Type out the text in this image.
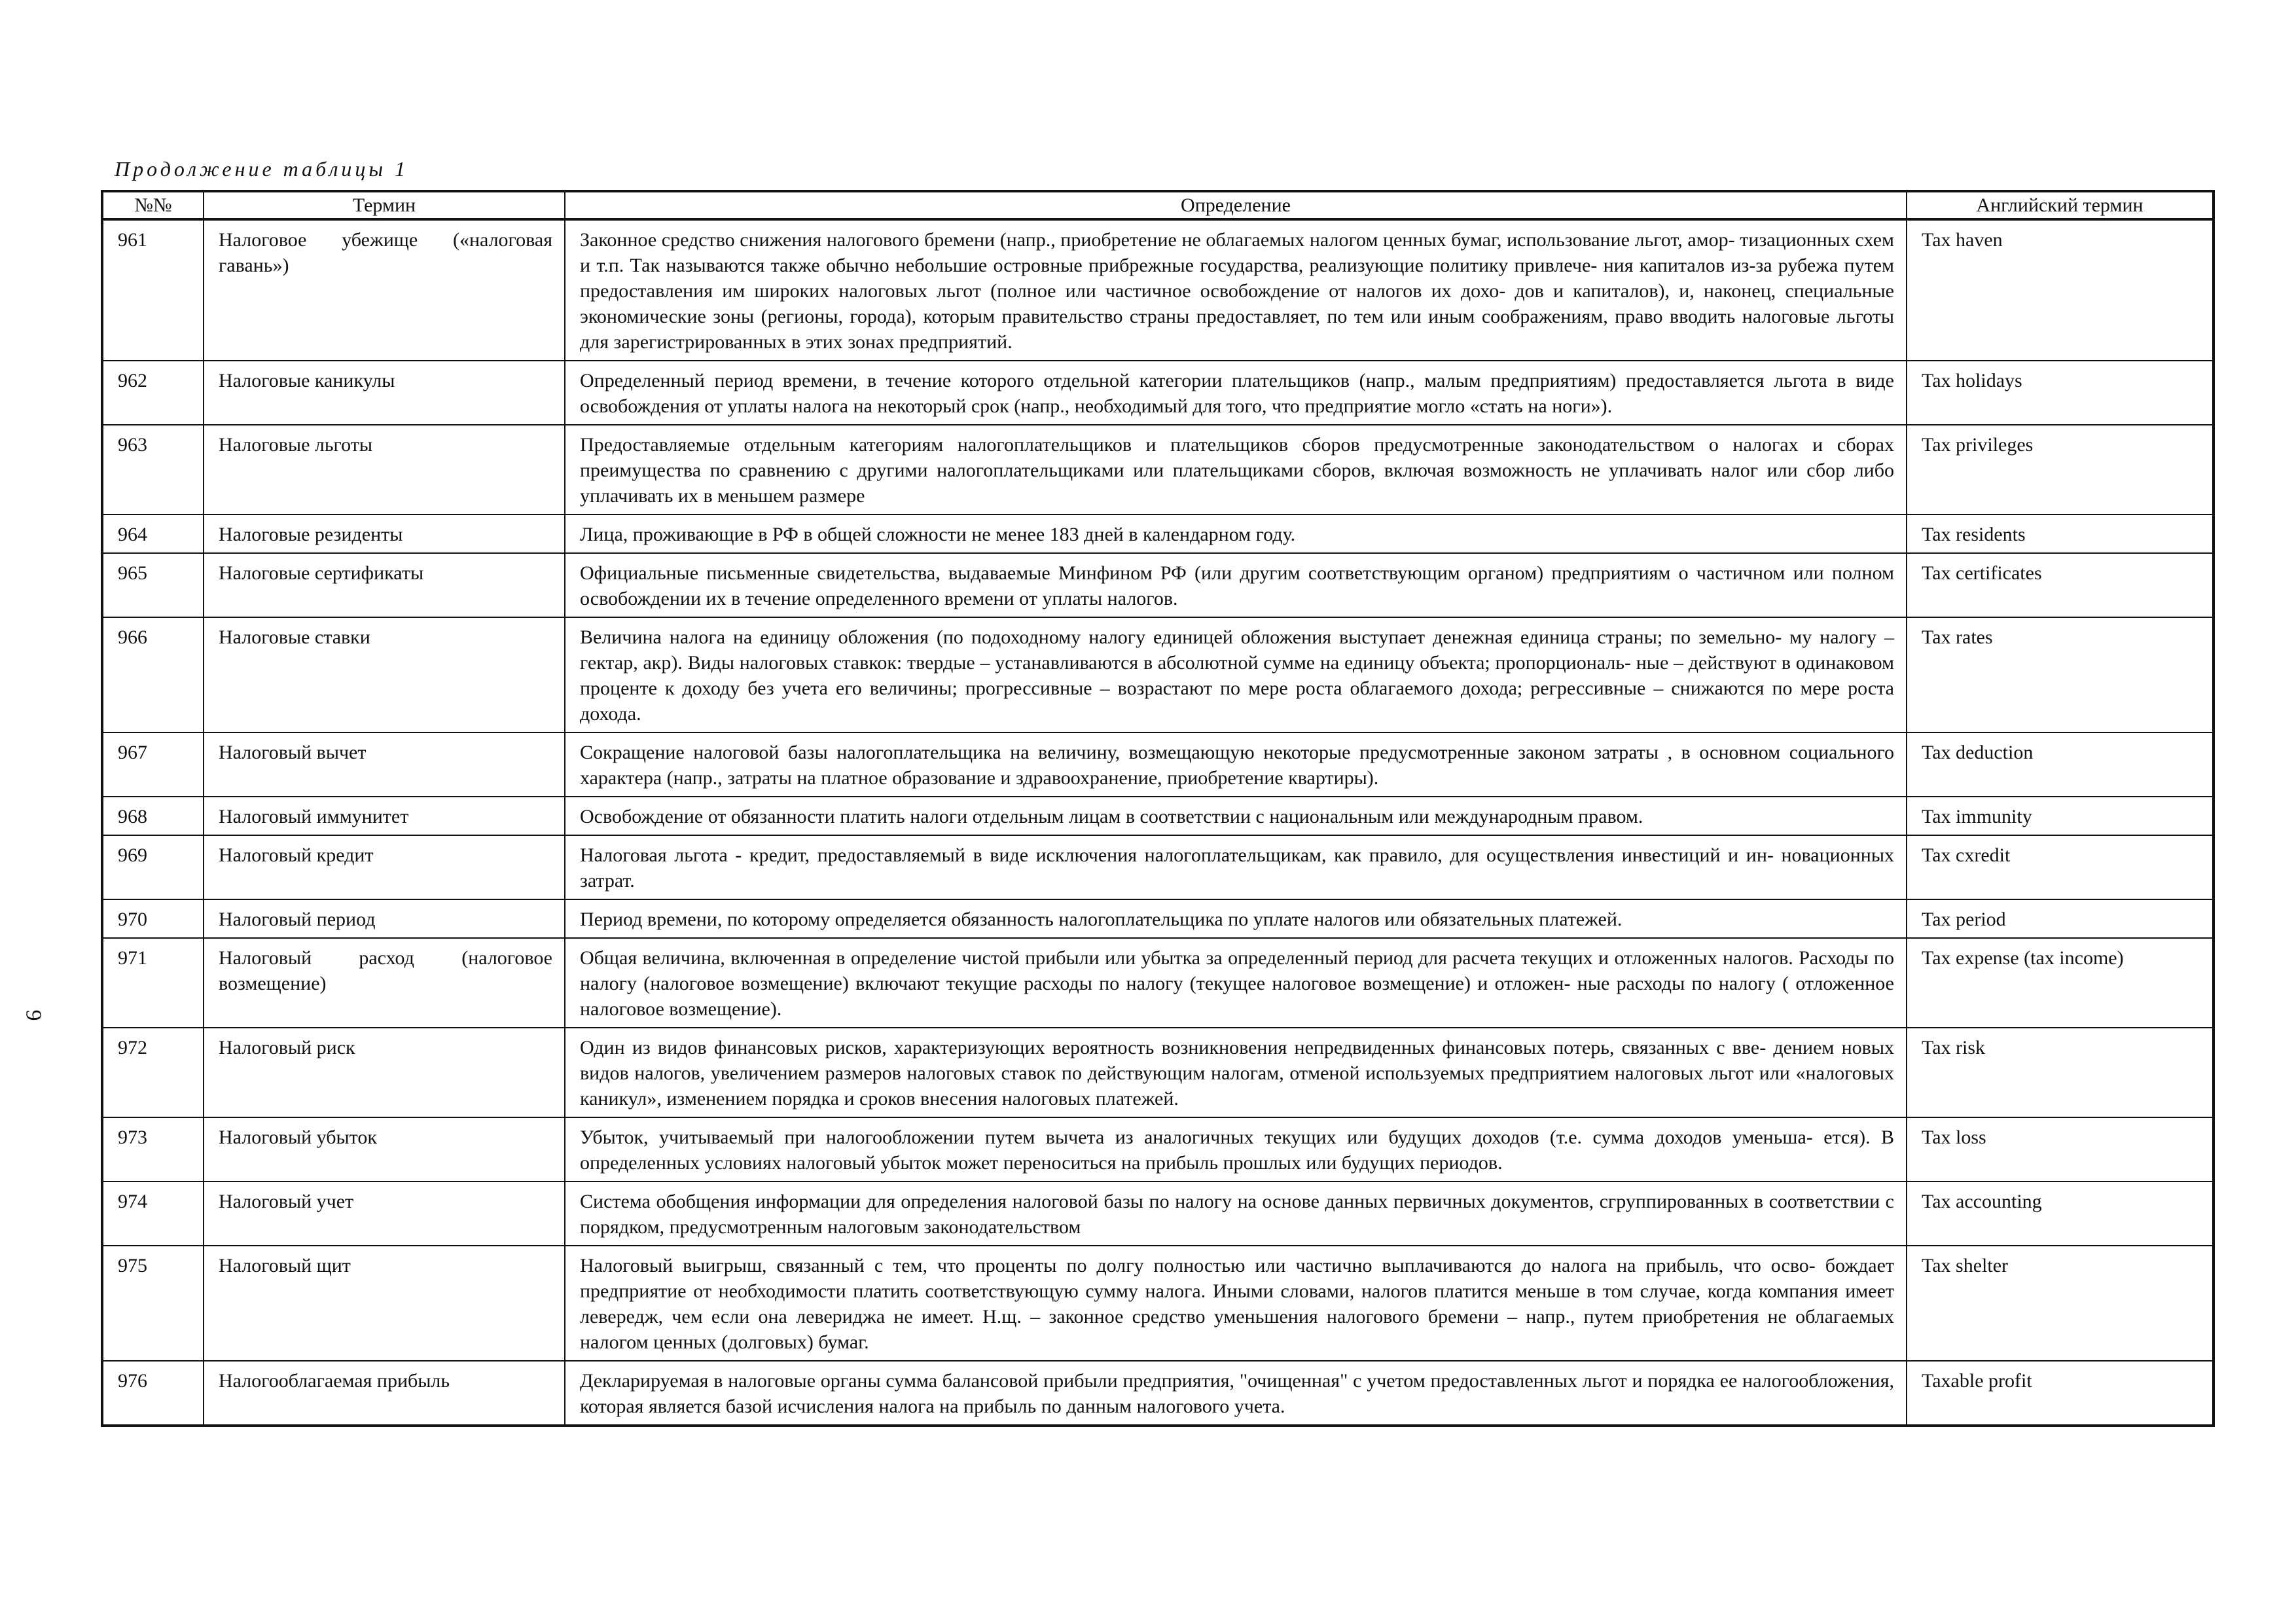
Продолжение таблицы 1
9
№№	Термин	Определение	Английский термин
961	Налоговое убежище («налоговая гавань»)	Законное средство снижения налогового бремени (напр., приобретение не облагаемых налогом ценных бумаг, использование льгот, амор- тизационных схем и т.п. Так называются также обычно небольшие островные прибрежные государства, реализующие политику привлече- ния капиталов из-за рубежа путем предоставления им широких налоговых льгот (полное или частичное освобождение от налогов их дохо- дов и капиталов), и, наконец, специальные экономические зоны (регионы, города), которым правительство страны предоставляет, по тем или иным соображениям, право вводить налоговые льготы для зарегистрированных в этих зонах предприятий.	Tax haven
962	Налоговые каникулы	Определенный период времени, в течение которого отдельной категории плательщиков (напр., малым предприятиям) предоставляется льгота в виде освобождения от уплаты налога на некоторый срок (напр., необходимый для того, что предприятие могло «стать на ноги»).	Tax holidays
963	Налоговые льготы	Предоставляемые отдельным категориям налогоплательщиков и плательщиков сборов предусмотренные законодательством о налогах и сборах преимущества по сравнению с другими налогоплательщиками или плательщиками сборов, включая возможность не уплачивать налог или сбор либо уплачивать их в меньшем размере	Tax privileges
964	Налоговые резиденты	Лица, проживающие в РФ в общей сложности не менее 183 дней в календарном году.	Tax residents
965	Налоговые сертификаты	Официальные письменные свидетельства, выдаваемые Минфином РФ (или другим соответствующим органом) предприятиям о частичном или полном освобождении их в течение определенного времени от уплаты налогов.	Tax certificates
966	Налоговые ставки	Величина налога на единицу обложения (по подоходному налогу единицей обложения выступает денежная единица страны; по земельно- му налогу – гектар, акр). Виды налоговых ставкок: твердые – устанавливаются в абсолютной сумме на единицу объекта; пропорциональ- ные – действуют в одинаковом проценте к доходу без учета его величины; прогрессивные – возрастают по мере роста облагаемого дохода; регрессивные – снижаются по мере роста дохода.	Tax rates
967	Налоговый вычет	Сокращение налоговой базы налогоплательщика на величину, возмещающую некоторые предусмотренные законом затраты , в основном социального характера (напр., затраты на платное образование и здравоохранение, приобретение квартиры).	Tax deduction
968	Налоговый иммунитет	Освобождение от обязанности платить налоги отдельным лицам в соответствии с национальным или международным правом.	Tax immunity
969	Налоговый кредит	Налоговая льгота - кредит, предоставляемый в виде исключения налогоплательщикам, как правило, для осуществления инвестиций и ин- новационных затрат.	Tax cxredit
970	Налоговый период	Период времени, по которому определяется обязанность налогоплательщика по уплате налогов или обязательных платежей.	Tax period
971	Налоговый расход (налоговое возмещение)	Общая величина, включенная в определение чистой прибыли или убытка за определенный период для расчета текущих и отложенных налогов. Расходы по налогу (налоговое возмещение) включают текущие расходы по налогу (текущее налоговое возмещение) и отложен- ные расходы по налогу ( отложенное налоговое возмещение).	Tax expense (tax income)
972	Налоговый риск	Один из видов финансовых рисков, характеризующих вероятность возникновения непредвиденных финансовых потерь, связанных с вве- дением новых видов налогов, увеличением размеров налоговых ставок по действующим налогам, отменой используемых предприятием налоговых льгот или «налоговых каникул», изменением порядка и сроков внесения налоговых платежей.	Tax risk
973	Налоговый убыток	Убыток, учитываемый при налогообложении путем вычета из аналогичных текущих или будущих доходов (т.е. сумма доходов уменьша- ется). В определенных условиях налоговый убыток может переноситься на прибыль прошлых или будущих периодов.	Tax loss
974	Налоговый учет	Система обобщения информации для определения налоговой базы по налогу на основе данных первичных документов, сгруппированных в соответствии с порядком, предусмотренным налоговым законодательством	Tax accounting
975	Налоговый щит	Налоговый выигрыш, связанный с тем, что проценты по долгу полностью или частично выплачиваются до налога на прибыль, что осво- бождает предприятие от необходимости платить соответствующую сумму налога. Иными словами, налогов платится меньше в том случае, когда компания имеет левередж, чем если она левериджа не имеет. Н.щ. – законное средство уменьшения налогового бремени – напр., путем приобретения не облагаемых налогом ценных (долговых) бумаг.	Tax shelter
976	Налогооблагаемая прибыль	Декларируемая в налоговые органы сумма балансовой прибыли предприятия, "очищенная" с учетом предоставленных льгот и порядка ее налогообложения, которая является базой исчисления налога на прибыль по данным налогового учета.	Taxable profit
